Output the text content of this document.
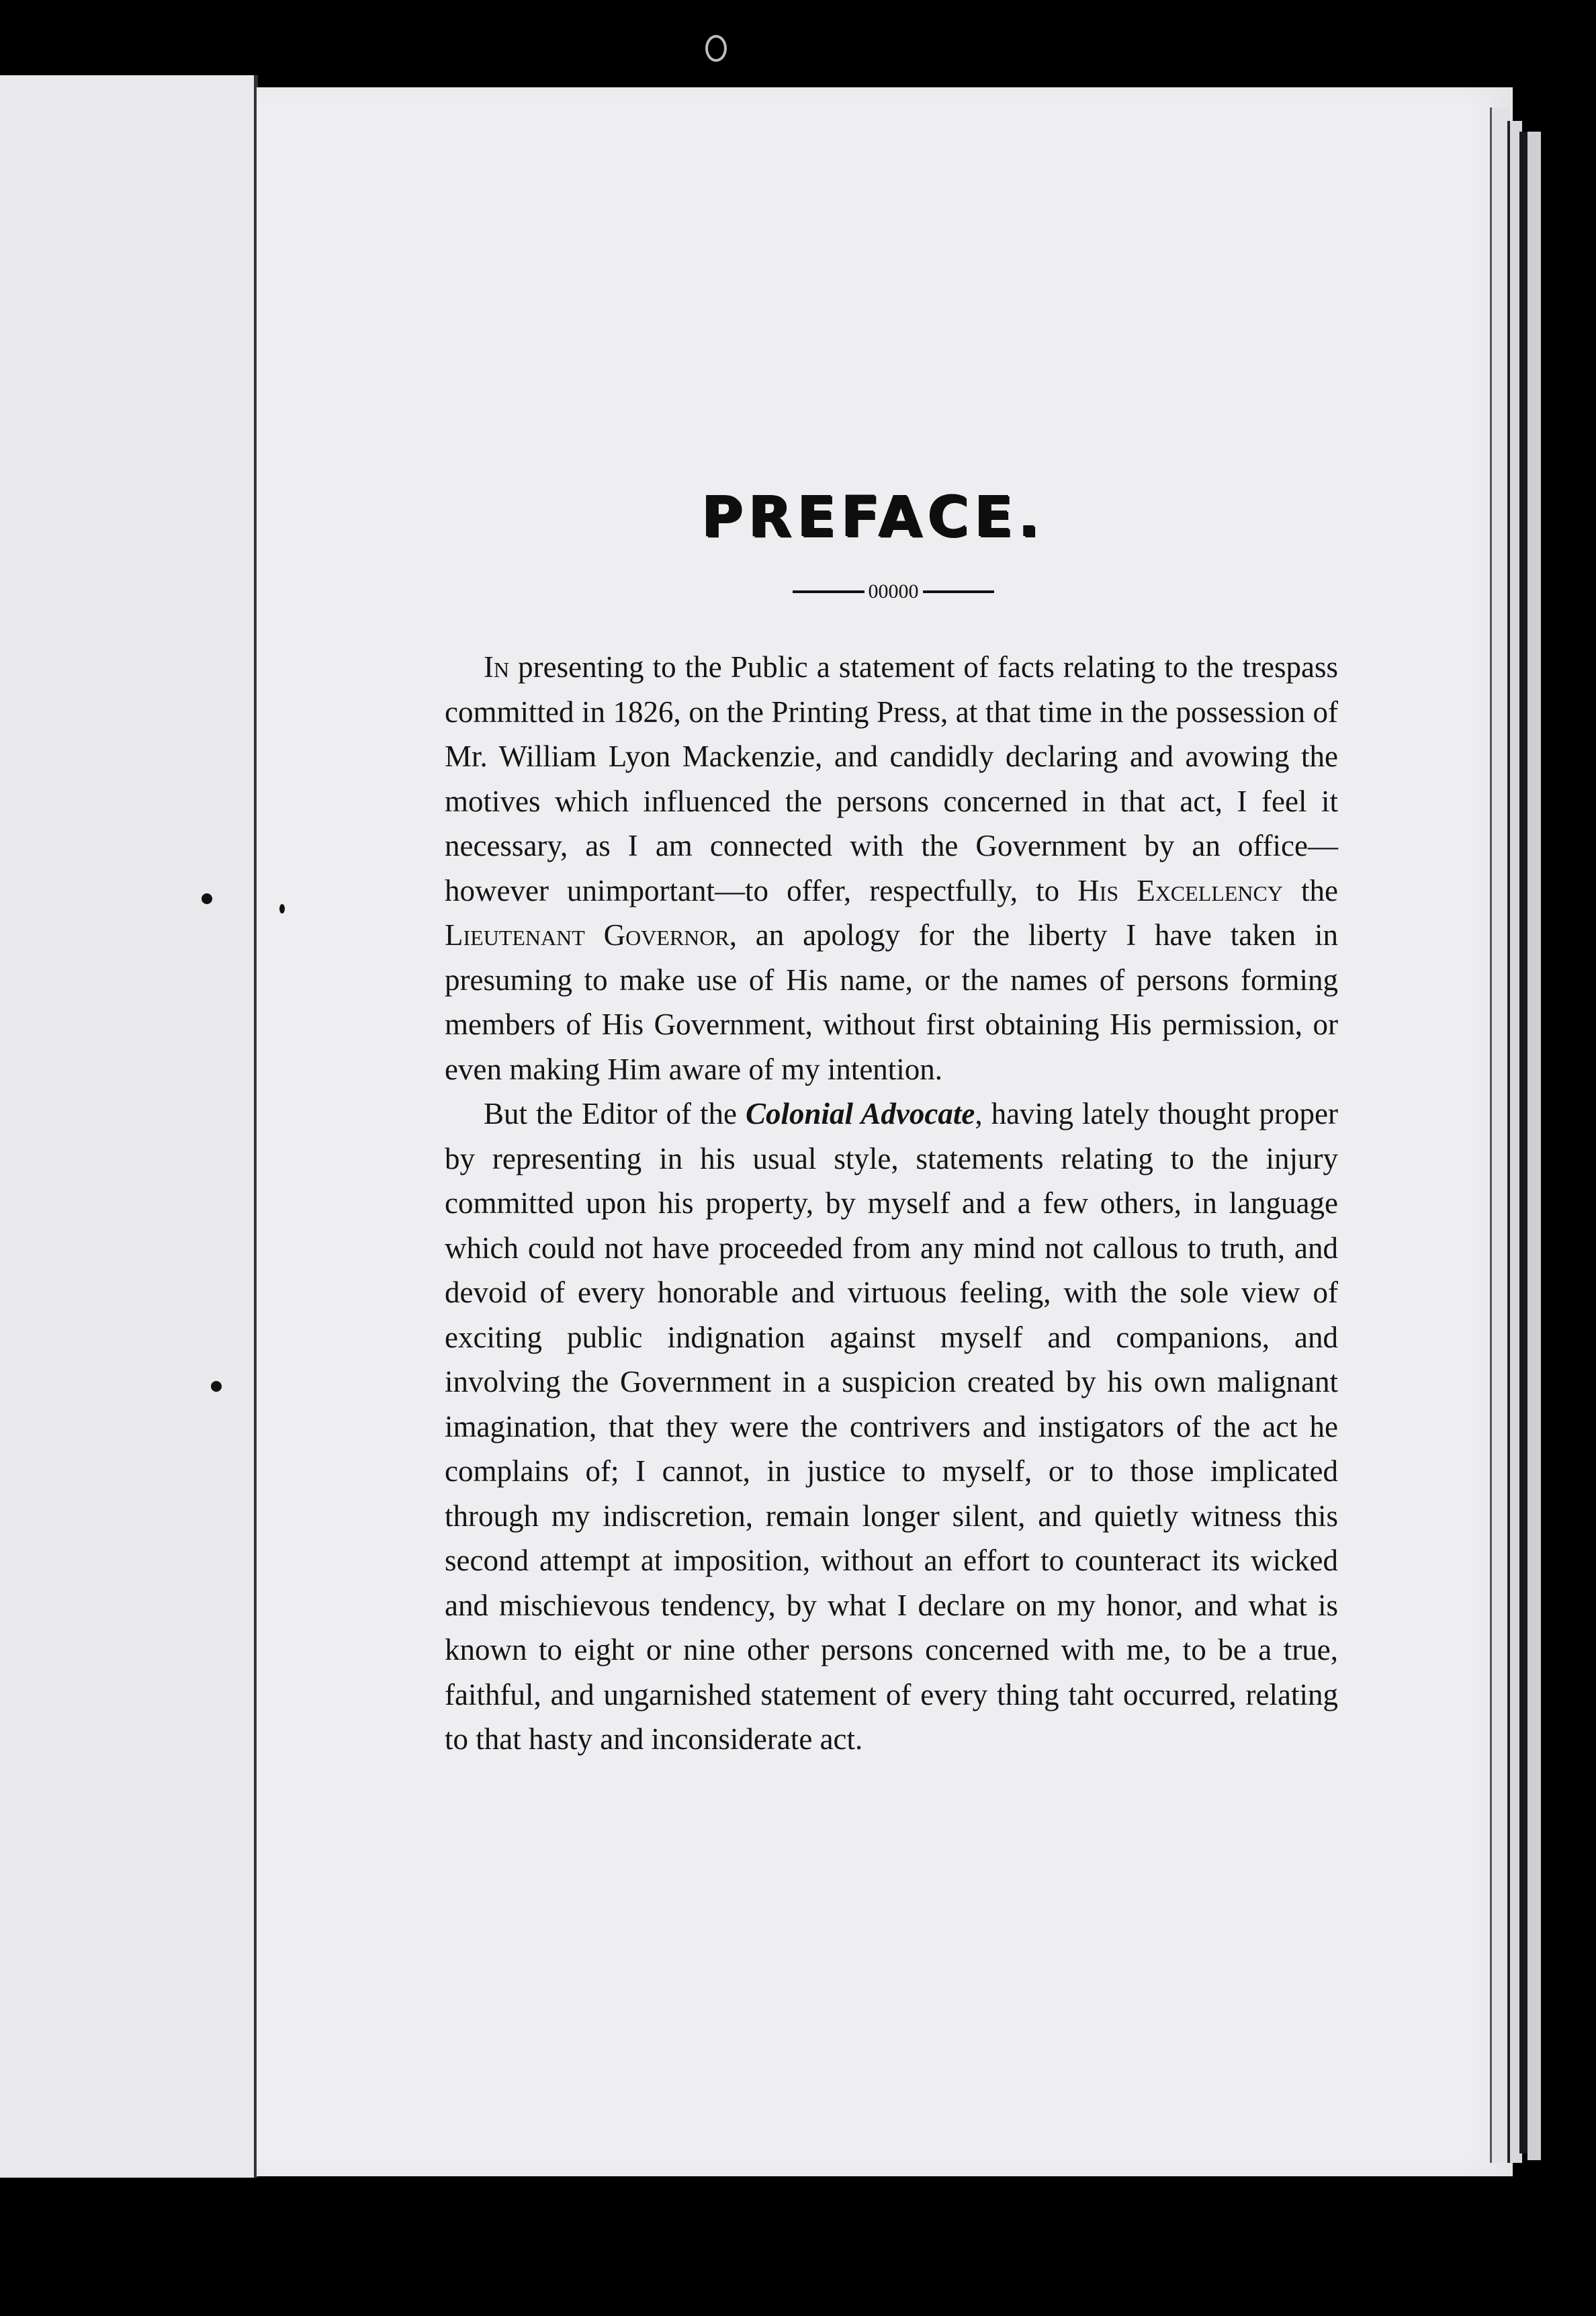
PREFACE.
00000

In presenting to the Public a statement of facts relating to the trespass committed in 1826, on the Printing Press, at that time in the possession of Mr. William Lyon Mackenzie, and candidly declaring and avowing the motives which influenced the persons concerned in that act, I feel it necessary, as I am connected with the Government by an office—however unimportant—to offer, respectfully, to His Excellency the Lieutenant Governor, an apology for the liberty I have taken in presuming to make use of His name, or the names of persons forming members of His Government, without first obtaining His permission, or even making Him aware of my intention.

But the Editor of the Colonial Advocate, having lately thought proper by representing in his usual style, statements relating to the injury committed upon his property, by myself and a few others, in language which could not have proceeded from any mind not callous to truth, and devoid of every honorable and virtuous feeling, with the sole view of exciting public indignation against myself and companions, and involving the Government in a suspicion created by his own malignant imagination, that they were the contrivers and instigators of the act he complains of; I cannot, in justice to myself, or to those implicated through my indiscretion, remain longer silent, and quietly witness this second attempt at imposition, without an effort to counteract its wicked and mischievous tendency, by what I declare on my honor, and what is known to eight or nine other persons concerned with me, to be a true, faithful, and ungarnished statement of every thing taht occurred, relating to that hasty and inconsiderate act.
